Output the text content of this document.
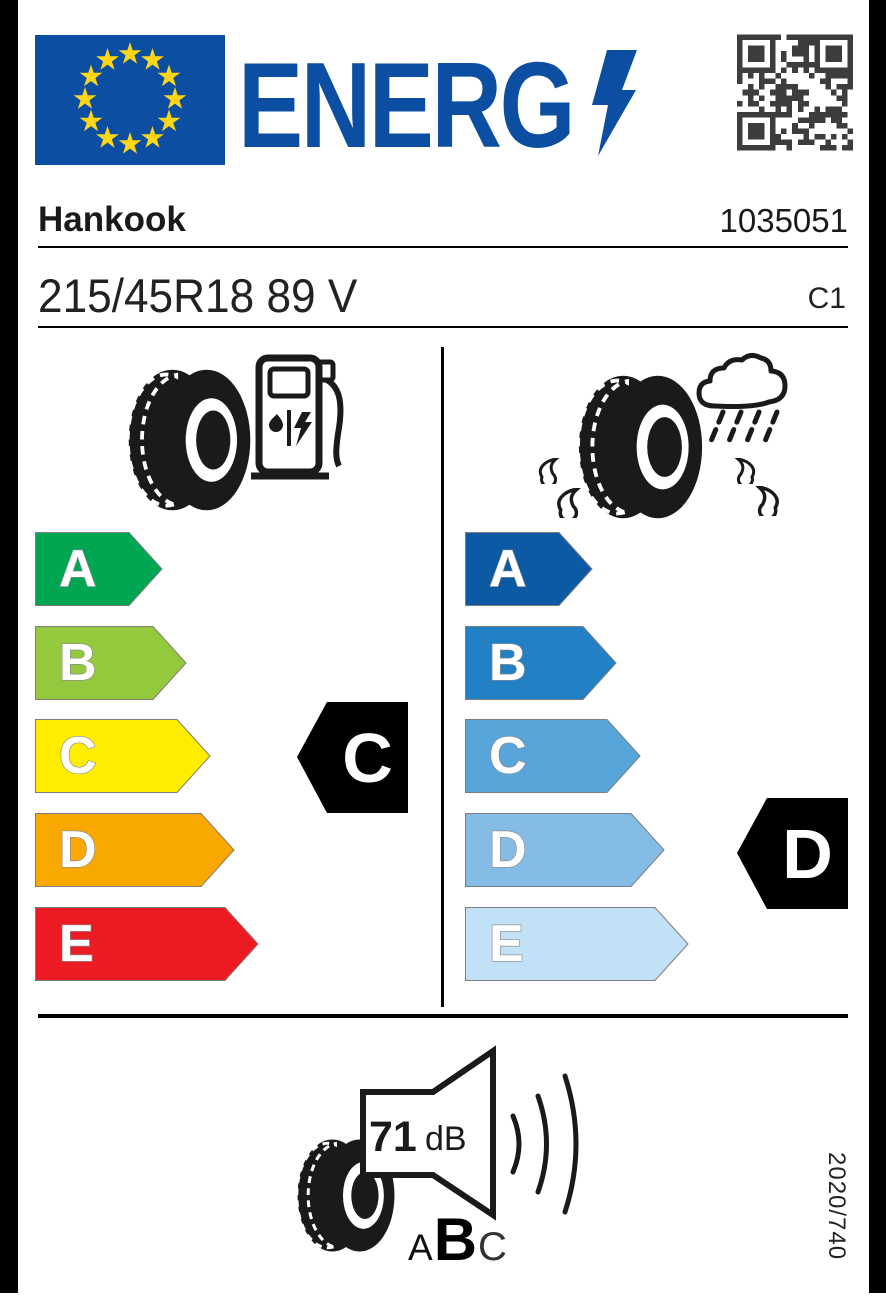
ENERG
Hankook	1035051
215/45R18 89 V	C1
C
D
71 dB
A B C	2020/740
A
B
C
D
E
A
B
C
D
E
